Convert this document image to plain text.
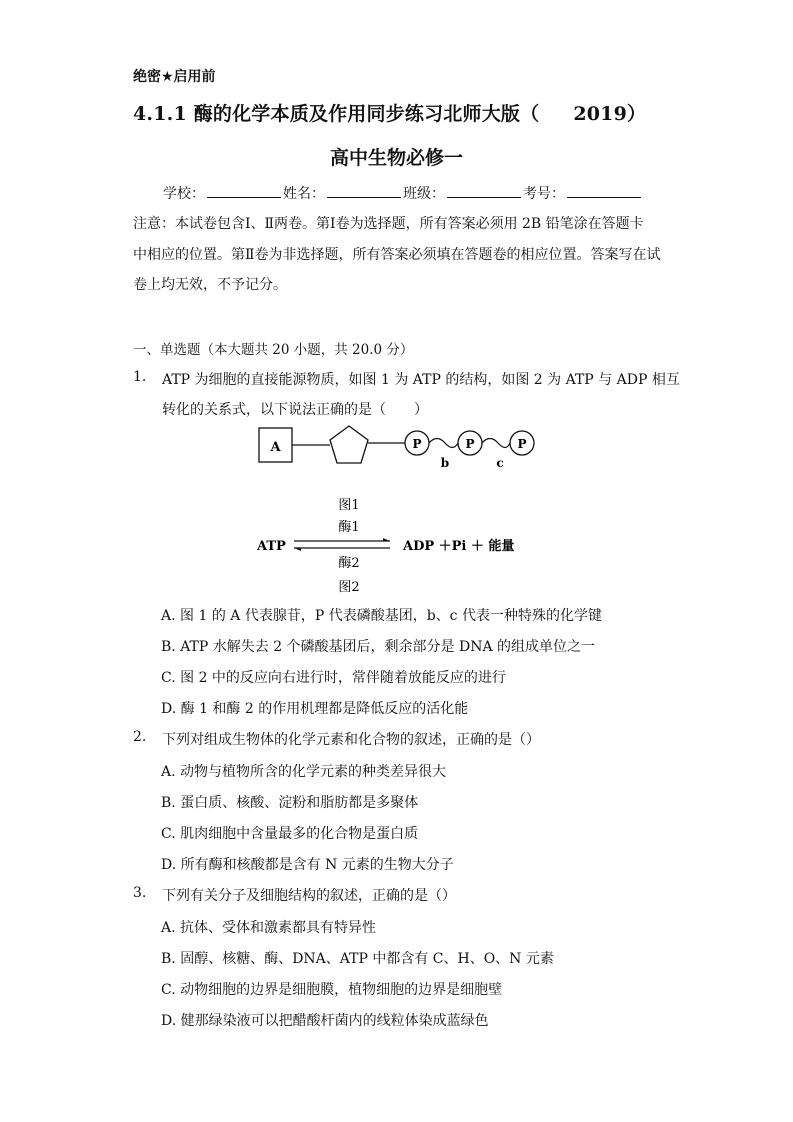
绝密★启用前
4.1.1 酶的化学本质及作用同步练习北师大版（ 2019）
高中生物必修一
学校：	姓名：	班级：	考号：
注意：本试卷包含Ⅰ、Ⅱ两卷。第Ⅰ卷为选择题，所有答案必须用 2B 铅笔涂在答题卡
中相应的位置。第Ⅱ卷为非选择题，所有答案必须填在答题卷的相应位置。答案写在试
卷上均无效，不予记分。
一、单选题（本大题共 20 小题，共 20.0 分）
1. ATP 为细胞的直接能源物质，如图 1 为 ATP 的结构，如图 2 为 ATP 与 ADP 相互
转化的关系式，以下说法正确的是（　　）
A	P	P	P
b	c
图1
酶1
ATP	ADP ＋Pi ＋ 能量
酶2
图2
A. 图 1 的 A 代表腺苷，P 代表磷酸基团，b、c 代表一种特殊的化学键
B. ATP 水解失去 2 个磷酸基团后，剩余部分是 DNA 的组成单位之一
C. 图 2 中的反应向右进行时，常伴随着放能反应的进行
D. 酶 1 和酶 2 的作用机理都是降低反应的活化能
2. 下列对组成生物体的化学元素和化合物的叙述，正确的是（）
A. 动物与植物所含的化学元素的种类差异很大
B. 蛋白质、核酸、淀粉和脂肪都是多聚体
C. 肌肉细胞中含量最多的化合物是蛋白质
D. 所有酶和核酸都是含有 N 元素的生物大分子
3. 下列有关分子及细胞结构的叙述，正确的是（）
A. 抗体、受体和激素都具有特异性
B. 固醇、核糖、酶、DNA、ATP 中都含有 C、H、O、N 元素
C. 动物细胞的边界是细胞膜，植物细胞的边界是细胞壁
D. 健那绿染液可以把醋酸杆菌内的线粒体染成蓝绿色
